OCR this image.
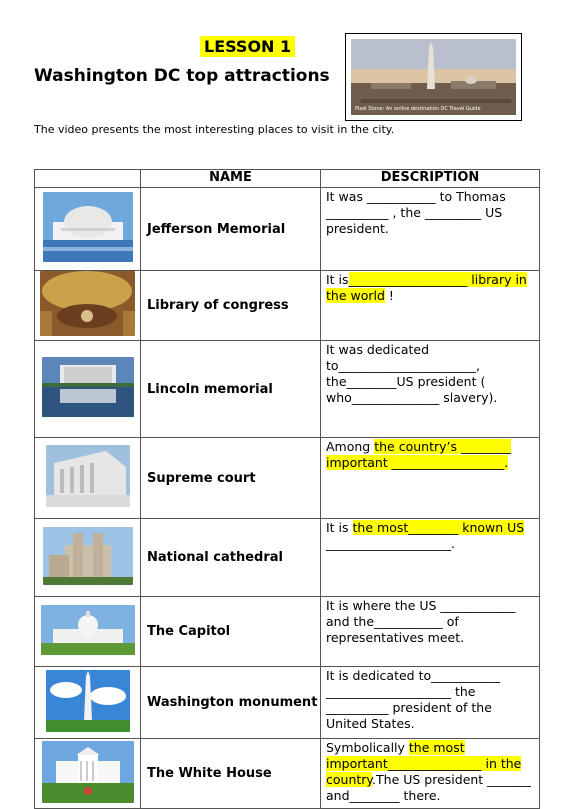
LESSON 1
Washington DC top attractions
Pixel Stone: An online destination DC Travel Guide
The video presents the most interesting places to visit in the city.
	NAME	DESCRIPTION
	Jefferson Memorial	It was ___________ to Thomas __________ , the _________ US president.
	Library of congress	It is___________________ library in the world !
	Lincoln memorial	It was dedicated to______________________, the________US president ( who______________ slavery).
	Supreme court	Among the country’s ________ important __________________.
	National cathedral	It is the most________ known US ____________________.
	The Capitol	It is where the US ____________ and the___________ of representatives meet.
	Washington monument	It is dedicated to___________ ____________________ the __________ president of the United States.
	The White House	Symbolically the most important_______________ in the country.The US president _______ and________ there.
